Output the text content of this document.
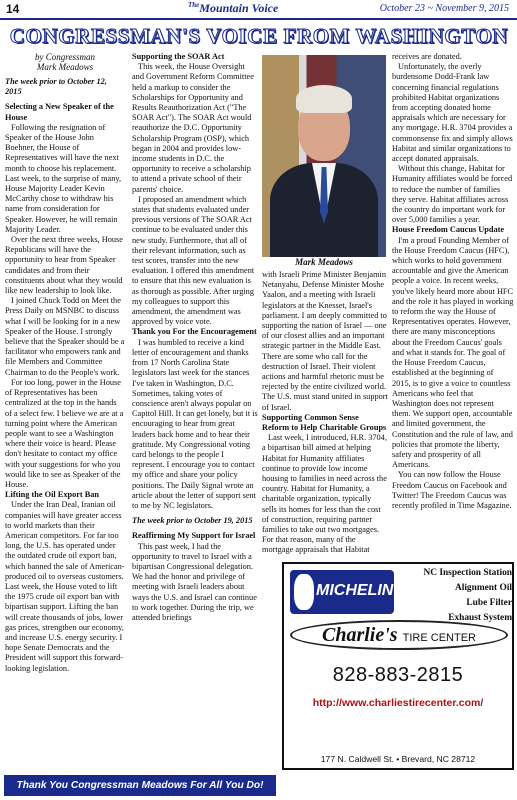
14	$^{The}$Mountain Voice	October 23 ~ November 9, 2015
CONGRESSMAN'S VOICE FROM WASHINGTON

by Congressman

Mark Meadows

The week prior to October 12, 2015

Selecting a New Speaker of the House

Following the resignation of Speaker of the House John Boehner, the House of Representatives will have the next month to choose his replacement. Last week, to the surprise of many, House Majority Leader Kevin McCarthy chose to withdraw his name from consideration for Speaker. However, he will remain Majority Leader.

Over the next three weeks, House Republicans will have the opportunity to hear from Speaker candidates and from their constituents about what they would like new leadership to look like.

I joined Chuck Todd on Meet the Press Daily on MSNBC to discuss what I will be looking for in a new Speaker of the House. I strongly believe that the Speaker should be a facilitator who empowers rank and file Members and Committee Chairman to do the People's work.

For too long, power in the House of Representatives has been centralized at the top in the hands of a select few. I believe we are at a turning point where the American people want to see a Washington where their voice is heard. Please don't hesitate to contact my office with your suggestions for who you would like to see as Speaker of the House.

Lifting the Oil Export Ban

Under the Iran Deal, Iranian oil companies will have greater access to world markets than their American competitors. For far too long, the U.S. has operated under the outdated crude oil export ban, which banned the sale of American-produced oil to overseas customers. Last week, the House voted to lift the 1975 crude oil export ban with bipartisan support. Lifting the ban will create thousands of jobs, lower gas prices, strengthen our economy, and increase U.S. energy security. I hope Senate Democrats and the President will support this forward-looking legislation.

Supporting the SOAR Act

This week, the House Oversight and Government Reform Committee held a markup to consider the Scholarships for Opportunity and Results Reauthorization Act ("The SOAR Act"). The SOAR Act would reauthorize the D.C. Opportunity Scholarship Program (OSP), which began in 2004 and provides low-income students in D.C. the opportunity to receive a scholarship to attend a private school of their parents' choice.

I proposed an amendment which states that students evaluated under previous versions of The SOAR Act continue to be evaluated under this new study. Furthermore, that all of their relevant information, such as test scores, transfer into the new evaluation. I offered this amendment to ensure that this new evaluation is as thorough as possible. After urging my colleagues to support this amendment, the amendment was approved by voice vote.

Thank you For the Encouragement

I was humbled to receive a kind letter of encouragement and thanks from 17 North Carolina State legislators last week for the stances I've taken in Washington, D.C. Sometimes, taking votes of conscience aren't always popular on Capitol Hill. It can get lonely, but it is encouraging to hear from great leaders back home and to hear their gratitude. My Congressional voting card belongs to the people I represent. I encourage you to contact my office and share your policy positions. The Daily Signal wrote an article about the letter of support sent to me by NC legislators.

The week prior to October 19, 2015

Reaffirming My Support for Israel

This past week, I had the opportunity to travel to Israel with a bipartisan Congressional delegation. We had the honor and privilege of meeting with Israeli leaders about ways the U.S. and Israel can continue to work together. During the trip, we attended briefings

Mark Meadows

with Israeli Prime Minister Benjamin Netanyahu, Defense Minister Moshe Yaalon, and a meeting with Israeli legislators at the Knesset, Israel's parliament. I am deeply committed to supporting the nation of Israel — one of our closest allies and an important strategic partner in the Middle East. There are some who call for the destruction of Israel. Their violent actions and harmful rhetoric must be rejected by the entire civilized world. The U.S. must stand united in support of Israel.

Supporting Common Sense Reform to Help Charitable Groups

Last week, I introduced, H.R. 3704, a bipartisan bill aimed at helping Habitat for Humanity affiliates continue to provide low income housing to families in need across the country. Habitat for Humanity, a charitable organization, typically sells its homes for less than the cost of construction, requiring partner families to take out two mortgages. For that reason, many of the mortgage appraisals that Habitat

receives are donated.

Unfortunately, the overly burdensome Dodd-Frank law concerning financial regulations prohibited Habitat organizations from accepting donated home appraisals which are necessary for any mortgage. H.R. 3704 provides a commonsense fix and simply allows Habitat and similar organizations to accept donated appraisals.

Without this change, Habitat for Humanity affiliates would be forced to reduce the number of families they serve. Habitat affiliates across the country do important work for over 5,000 families a year.

House Freedom Caucus Update

I'm a proud Founding Member of the House Freedom Caucus (HFC), which works to hold government accountable and give the American people a voice. In recent weeks, you've likely heard more about HFC and the role it has played in working to reform the way the House of Representatives operates. However, there are many misconceptions about the Freedom Caucus' goals and what it stands for. The goal of the House Freedom Caucus, established at the beginning of 2015, is to give a voice to countless Americans who feel that Washington does not represent them. We support open, accountable and limited government, the Constitution and the rule of law, and policies that promote the liberty, safety and prosperity of all Americans.

You can now follow the House Freedom Caucus on Facebook and Twitter! The Freedom Caucus was recently profiled in Time Magazine.

MICHELIN
NC Inspection Station
Alignment Oil
Lube Filter
Exhaust System
Charlie's TIRE CENTER
828-883-2815
http://www.charliestirecenter.com/
177 N. Caldwell St. • Brevard, NC 28712
Thank You Congressman Meadows For All You Do!
